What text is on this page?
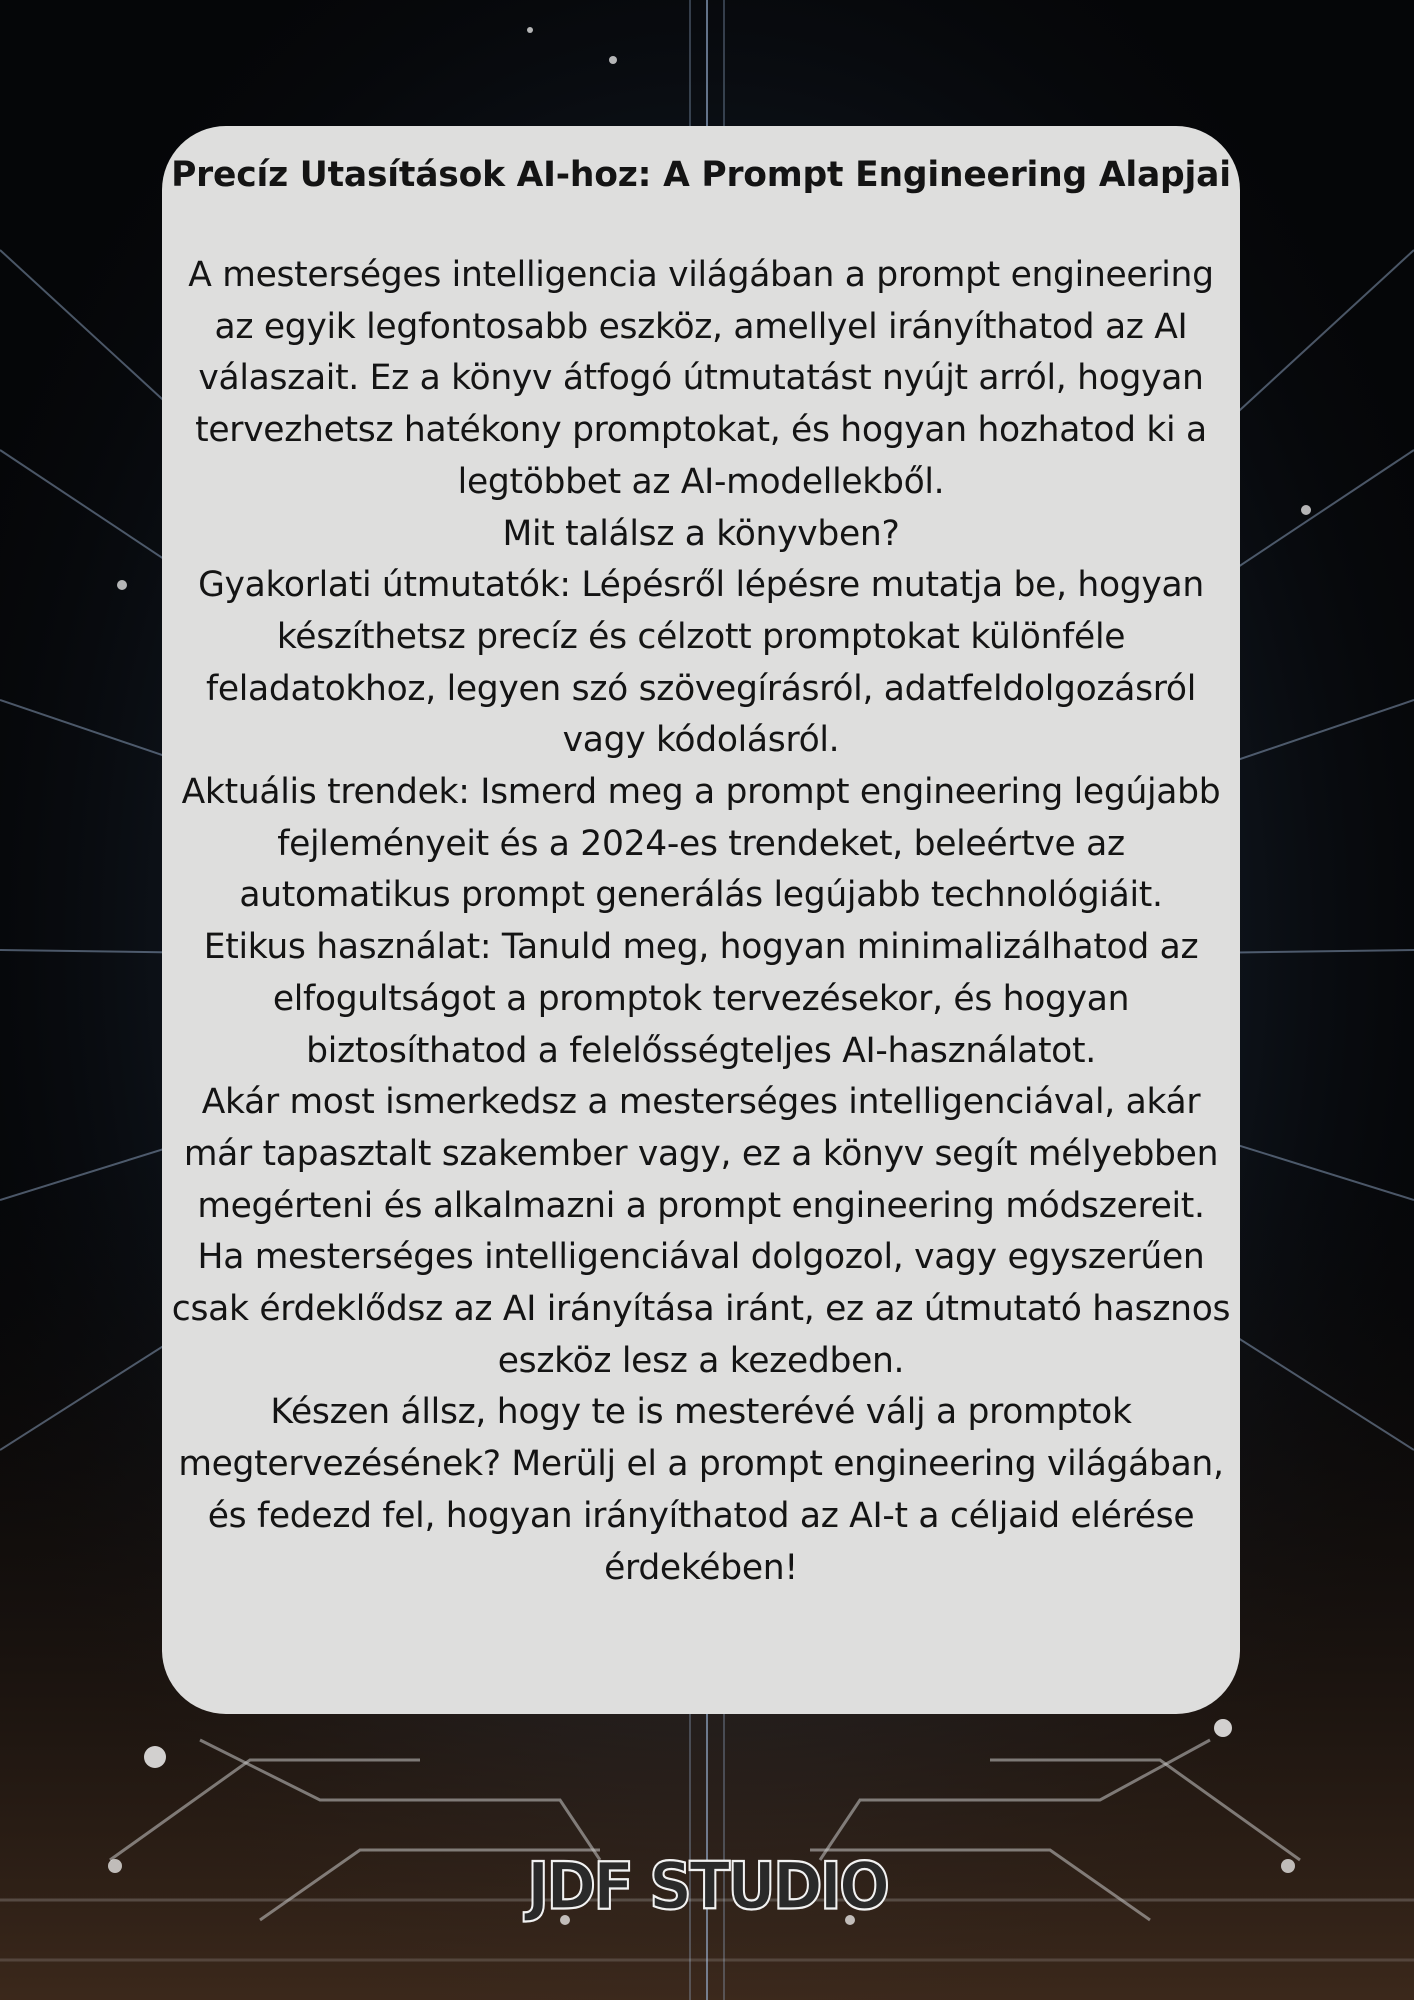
Precíz Utasítások AI-hoz: A Prompt Engineering Alapjai

A mesterséges intelligencia világában a prompt engineering az egyik legfontosabb eszköz, amellyel irányíthatod az AI válaszait. Ez a könyv átfogó útmutatást nyújt arról, hogyan tervezhetsz hatékony promptokat, és hogyan hozhatod ki a legtöbbet az AI-modellekből.

Mit találsz a könyvben?

Gyakorlati útmutatók: Lépésről lépésre mutatja be, hogyan készíthetsz precíz és célzott promptokat különféle feladatokhoz, legyen szó szövegírásról, adatfeldolgozásról vagy kódolásról.

Aktuális trendek: Ismerd meg a prompt engineering legújabb fejleményeit és a 2024-es trendeket, beleértve az automatikus prompt generálás legújabb technológiáit.

Etikus használat: Tanuld meg, hogyan minimalizálhatod az elfogultságot a promptok tervezésekor, és hogyan biztosíthatod a felelősségteljes AI-használatot.

Akár most ismerkedsz a mesterséges intelligenciával, akár már tapasztalt szakember vagy, ez a könyv segít mélyebben megérteni és alkalmazni a prompt engineering módszereit. Ha mesterséges intelligenciával dolgozol, vagy egyszerűen csak érdeklődsz az AI irányítása iránt, ez az útmutató hasznos eszköz lesz a kezedben.

Készen állsz, hogy te is mesterévé válj a promptok megtervezésének? Merülj el a prompt engineering világában, és fedezd fel, hogyan irányíthatod az AI-t a céljaid elérése érdekében!

JDF STUDIO
